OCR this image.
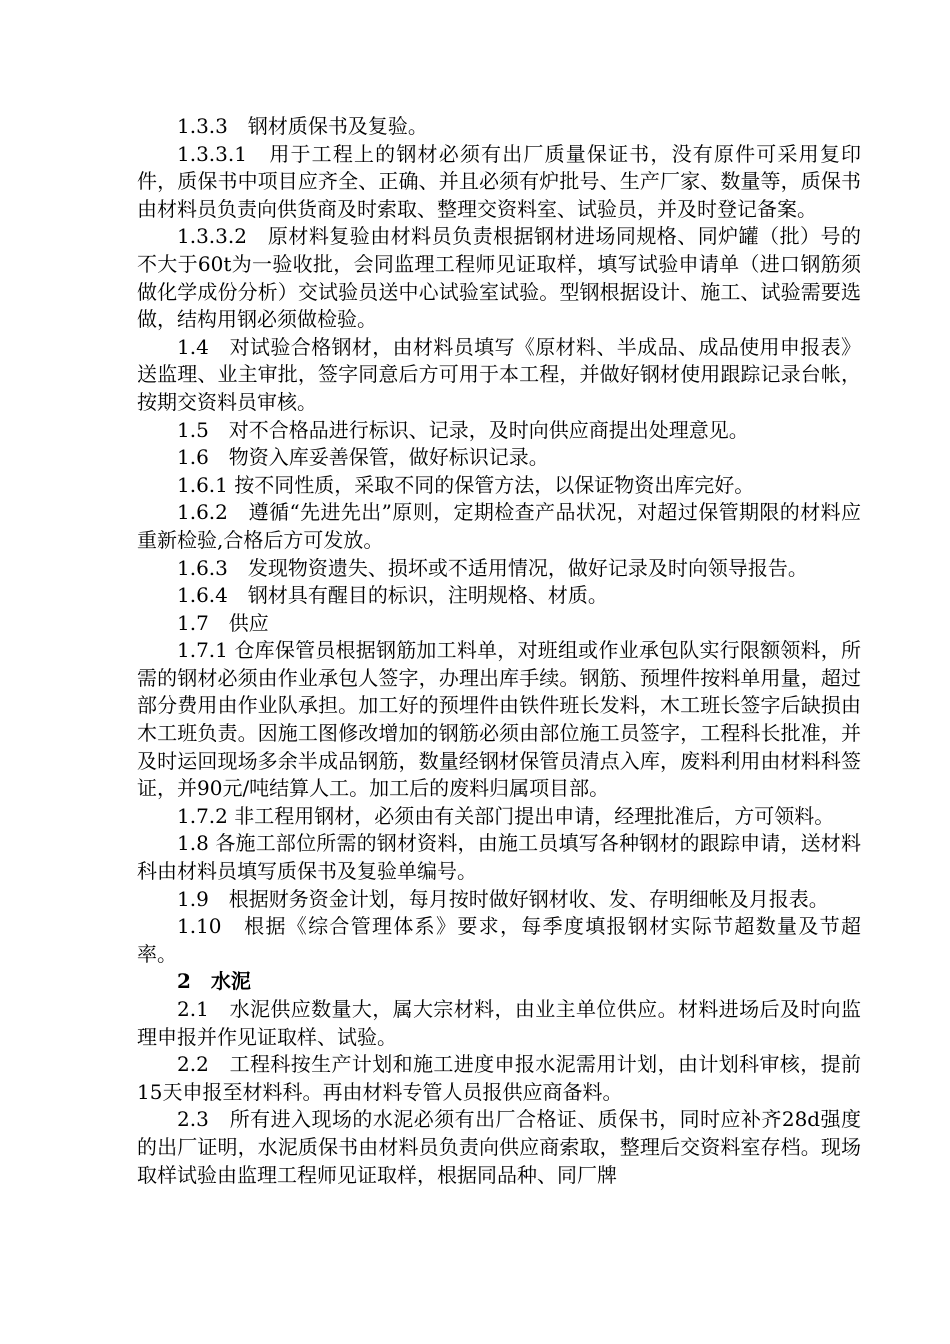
1.3.3　钢材质保书及复验。

1.3.3.1　用于工程上的钢材必须有出厂质量保证书，没有原件可采用复印件，质保书中项目应齐全、正确、并且必须有炉批号、生产厂家、数量等，质保书由材料员负责向供货商及时索取、整理交资料室、试验员，并及时登记备案。

1.3.3.2　原材料复验由材料员负责根据钢材进场同规格、同炉罐（批）号的不大于60t为一验收批，会同监理工程师见证取样，填写试验申请单（进口钢筋须做化学成份分析）交试验员送中心试验室试验。型钢根据设计、施工、试验需要选做，结构用钢必须做检验。

1.4　对试验合格钢材，由材料员填写《原材料、半成品、成品使用申报表》送监理、业主审批，签字同意后方可用于本工程，并做好钢材使用跟踪记录台帐，按期交资料员审核。

1.5　对不合格品进行标识、记录，及时向供应商提出处理意见。

1.6　物资入库妥善保管，做好标识记录。

1.6.1 按不同性质，采取不同的保管方法，以保证物资出库完好。

1.6.2　遵循“先进先出”原则，定期检查产品状况，对超过保管期限的材料应重新检验,合格后方可发放。

1.6.3　发现物资遗失、损坏或不适用情况，做好记录及时向领导报告。

1.6.4　钢材具有醒目的标识，注明规格、材质。

1.7　供应

1.7.1 仓库保管员根据钢筋加工料单，对班组或作业承包队实行限额领料，所需的钢材必须由作业承包人签字，办理出库手续。钢筋、预埋件按料单用量，超过部分费用由作业队承担。加工好的预埋件由铁件班长发料，木工班长签字后缺损由木工班负责。因施工图修改增加的钢筋必须由部位施工员签字，工程科长批准，并及时运回现场多余半成品钢筋，数量经钢材保管员清点入库，废料利用由材料科签证，并90元/吨结算人工。加工后的废料归属项目部。

1.7.2 非工程用钢材，必须由有关部门提出申请，经理批准后，方可领料。

1.8 各施工部位所需的钢材资料，由施工员填写各种钢材的跟踪申请，送材料科由材料员填写质保书及复验单编号。

1.9　根据财务资金计划，每月按时做好钢材收、发、存明细帐及月报表。

1.10　根据《综合管理体系》要求，每季度填报钢材实际节超数量及节超率。

2　水泥

2.1　水泥供应数量大，属大宗材料，由业主单位供应。材料进场后及时向监理申报并作见证取样、试验。

2.2　工程科按生产计划和施工进度申报水泥需用计划，由计划科审核，提前15天申报至材料科。再由材料专管人员报供应商备料。

2.3　所有进入现场的水泥必须有出厂合格证、质保书，同时应补齐28d强度的出厂证明，水泥质保书由材料员负责向供应商索取，整理后交资料室存档。现场取样试验由监理工程师见证取样，根据同品种、同厂牌
